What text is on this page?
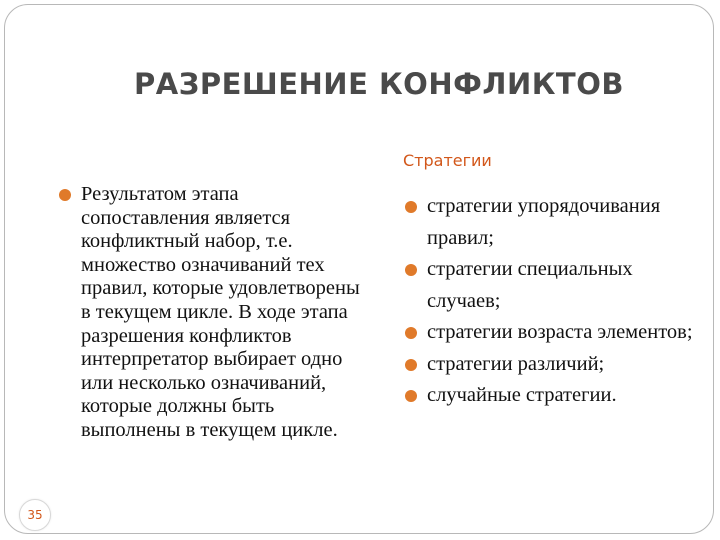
РАЗРЕШЕНИЕ КОНФЛИКТОВ
Стратегии
Результатом этапа сопоставления является конфликтный набор, т.е. множество означиваний тех правил, которые удовлетворены в текущем цикле. В ходе этапа разрешения конфликтов интерпретатор выбирает одно или несколько означиваний, которые должны быть выполнены в текущем цикле.
стратегии упорядочивания правил;
стратегии специальных случаев;
стратегии возраста элементов;
стратегии различий;
случайные стратегии.
35
